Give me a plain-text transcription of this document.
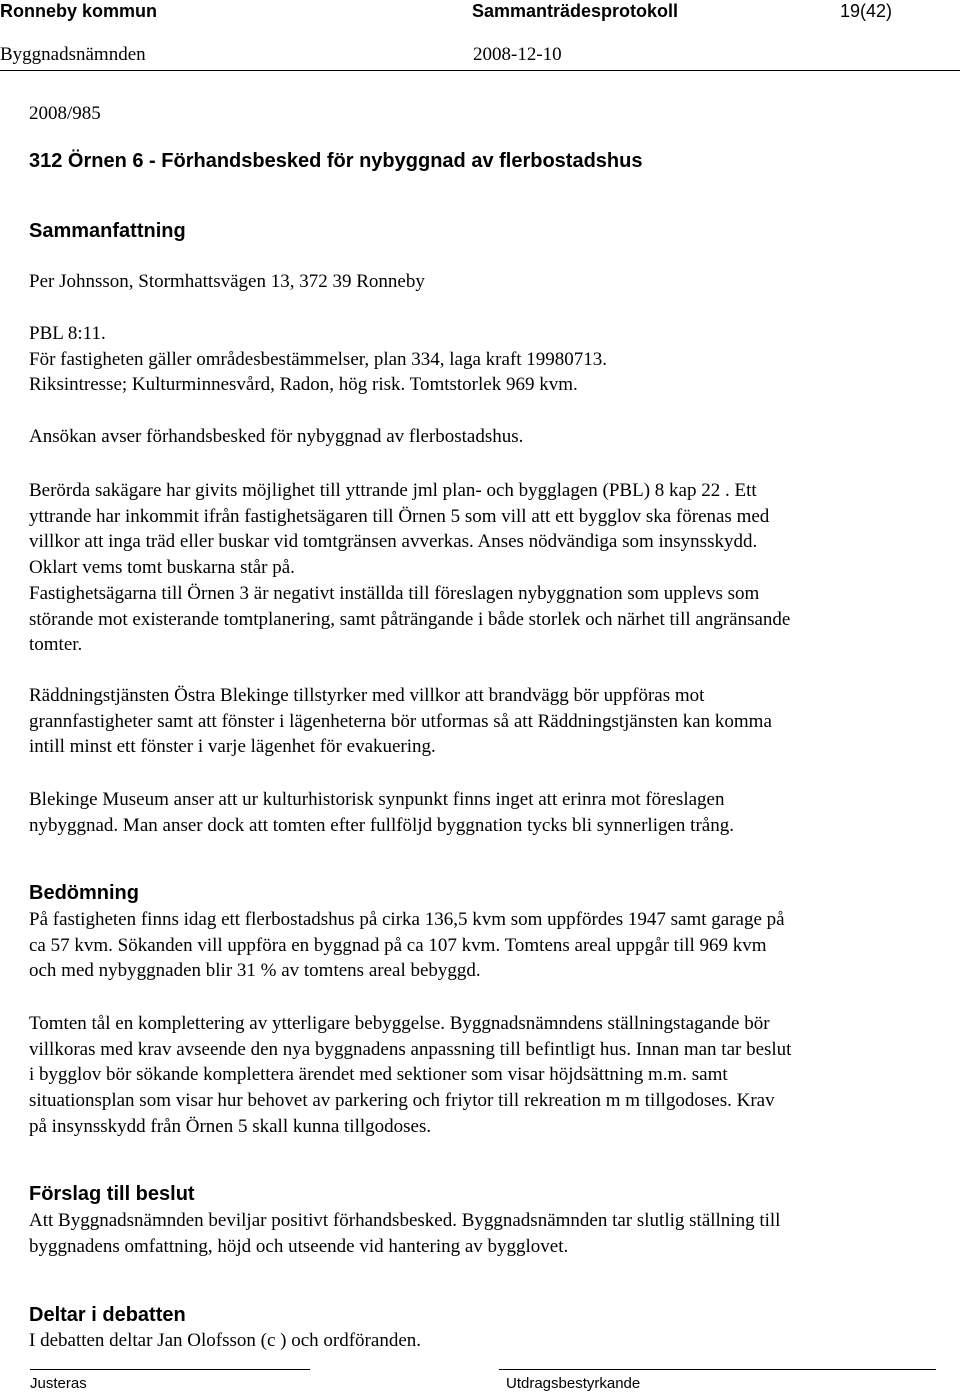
Ronneby kommun	Sammanträdesprotokoll	19(42)
Byggnadsnämnden	2008-12-10
2008/985
312 Örnen 6 - Förhandsbesked för nybyggnad av flerbostadshus
Sammanfattning
Per Johnsson, Stormhattsvägen 13, 372 39 Ronneby
PBL 8:11.
För fastigheten gäller områdesbestämmelser, plan 334, laga kraft 19980713.
Riksintresse; Kulturminnesvård, Radon, hög risk. Tomtstorlek 969 kvm.
Ansökan avser förhandsbesked för nybyggnad av flerbostadshus.
Berörda sakägare har givits möjlighet till yttrande jml plan- och bygglagen (PBL) 8 kap 22 . Ett
yttrande har inkommit ifrån fastighetsägaren till Örnen 5 som vill att ett bygglov ska förenas med
villkor att inga träd eller buskar vid tomtgränsen avverkas. Anses nödvändiga som insynsskydd.
Oklart vems tomt buskarna står på.
Fastighetsägarna till Örnen 3 är negativt inställda till föreslagen nybyggnation som upplevs som
störande mot existerande tomtplanering, samt påträngande i både storlek och närhet till angränsande
tomter.
Räddningstjänsten Östra Blekinge tillstyrker med villkor att brandvägg bör uppföras mot
grannfastigheter samt att fönster i lägenheterna bör utformas så att Räddningstjänsten kan komma
intill minst ett fönster i varje lägenhet för evakuering.
Blekinge Museum anser att ur kulturhistorisk synpunkt finns inget att erinra mot föreslagen
nybyggnad. Man anser dock att tomten efter fullföljd byggnation tycks bli synnerligen trång.
Bedömning
På fastigheten finns idag ett flerbostadshus på cirka 136,5 kvm som uppfördes 1947 samt garage på
ca 57 kvm. Sökanden vill uppföra en byggnad på ca 107 kvm. Tomtens areal uppgår till 969 kvm
och med nybyggnaden blir 31 % av tomtens areal bebyggd.
Tomten tål en komplettering av ytterligare bebyggelse. Byggnadsnämndens ställningstagande bör
villkoras med krav avseende den nya byggnadens anpassning till befintligt hus. Innan man tar beslut
i bygglov bör sökande komplettera ärendet med sektioner som visar höjdsättning m.m. samt
situationsplan som visar hur behovet av parkering och friytor till rekreation m m tillgodoses. Krav
på insynsskydd från Örnen 5 skall kunna tillgodoses.
Förslag till beslut
Att Byggnadsnämnden beviljar positivt förhandsbesked. Byggnadsnämnden tar slutlig ställning till
byggnadens omfattning, höjd och utseende vid hantering av bygglovet.
Deltar i debatten
I debatten deltar Jan Olofsson (c ) och ordföranden.
Justeras	Utdragsbestyrkande
